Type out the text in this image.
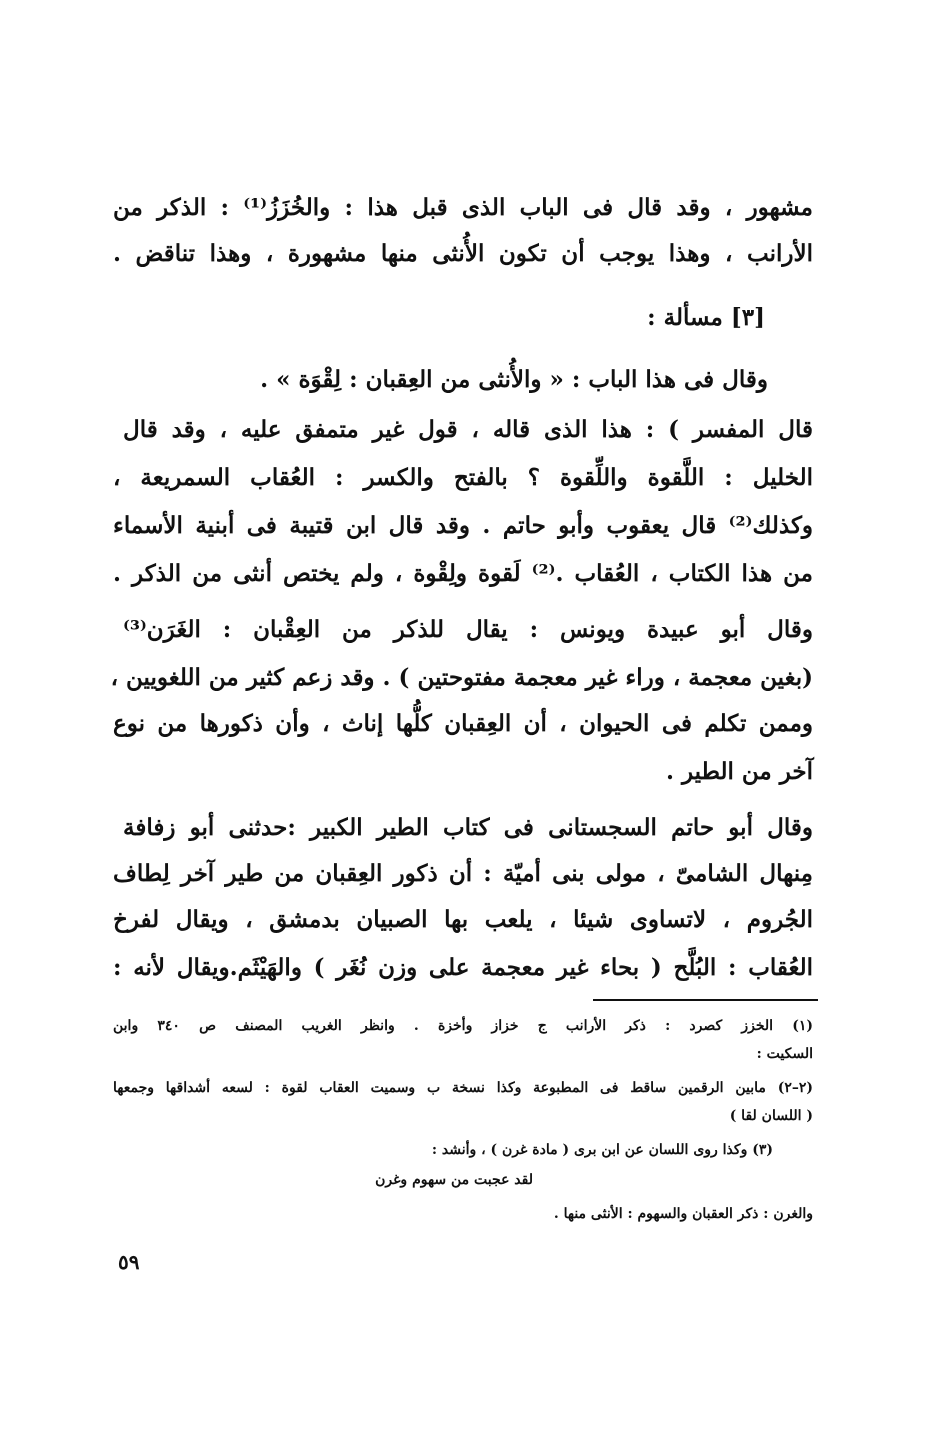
مشهور ، وقد قال فى الباب الذى قبل هذا : والخُزَزُ⁽¹⁾ : الذكر من
الأرانب ، وهذا يوجب أن تكون الأُنثى منها مشهورة ، وهذا تناقض .
[٣] مسألة :
وقال فى هذا الباب : « والأُنثى من العِقبان : لِقْوَة » .
قال المفسر ) : هذا الذى قاله ، قول غير متمفق عليه ، وقد قال
الخليل : اللَّقوة واللِّقوة ؟ بالفتح والكسر : العُقاب السمريعة ،
وكذلك⁽²⁾ قال يعقوب وأبو حاتم . وقد قال ابن قتيبة فى أبنية الأسماء
من هذا الكتاب ، العُقاب .⁽²⁾ لَقوة ولِقْوة ، ولم يختص أنثى من الذكر .
وقال أبو عبيدة ويونس : يقال للذكر من العِقْبان : الغَرَن⁽³⁾
(بغين معجمة ، وراء غير معجمة مفتوحتين ) . وقد زعم كثير من اللغويين ،
وممن تكلم فى الحيوان ، أن العِقبان كلُّها إناث ، وأن ذكورها من نوع
آخر من الطير .
وقال أبو حاتم السجستانى فى كتاب الطير الكبير :حدثنى أبو زفافة
مِنهال الشامىّ ، مولى بنى أميّة : أن ذكور العِقبان من طير آخر لِطاف
الجُروم ، لاتساوى شيئا ، يلعب بها الصبيان بدمشق ، ويقال لفرخ
العُقاب : البُلَّح ( بحاء غير معجمة على وزن نُغَر ) والهَيْثَم.ويقال لأنه :
(١) الخزز كصرد : ذكر الأرانب ج خزاز وأخزة . وانظر الغريب المصنف ص ٣٤٠ وابن
السكيت :
(٢–٢) مابين الرقمين ساقط فى المطبوعة وكذا نسخة ب وسميت العقاب لقوة : لسعه أشداقها وجمعها
( اللسان لقا )
(٣) وكذا روى اللسان عن ابن برى ( مادة غرن ) ، وأنشد :
لقد عجبت من سهوم وغرن
والغرن : ذكر العقبان والسهوم : الأنثى منها .
٥٩
